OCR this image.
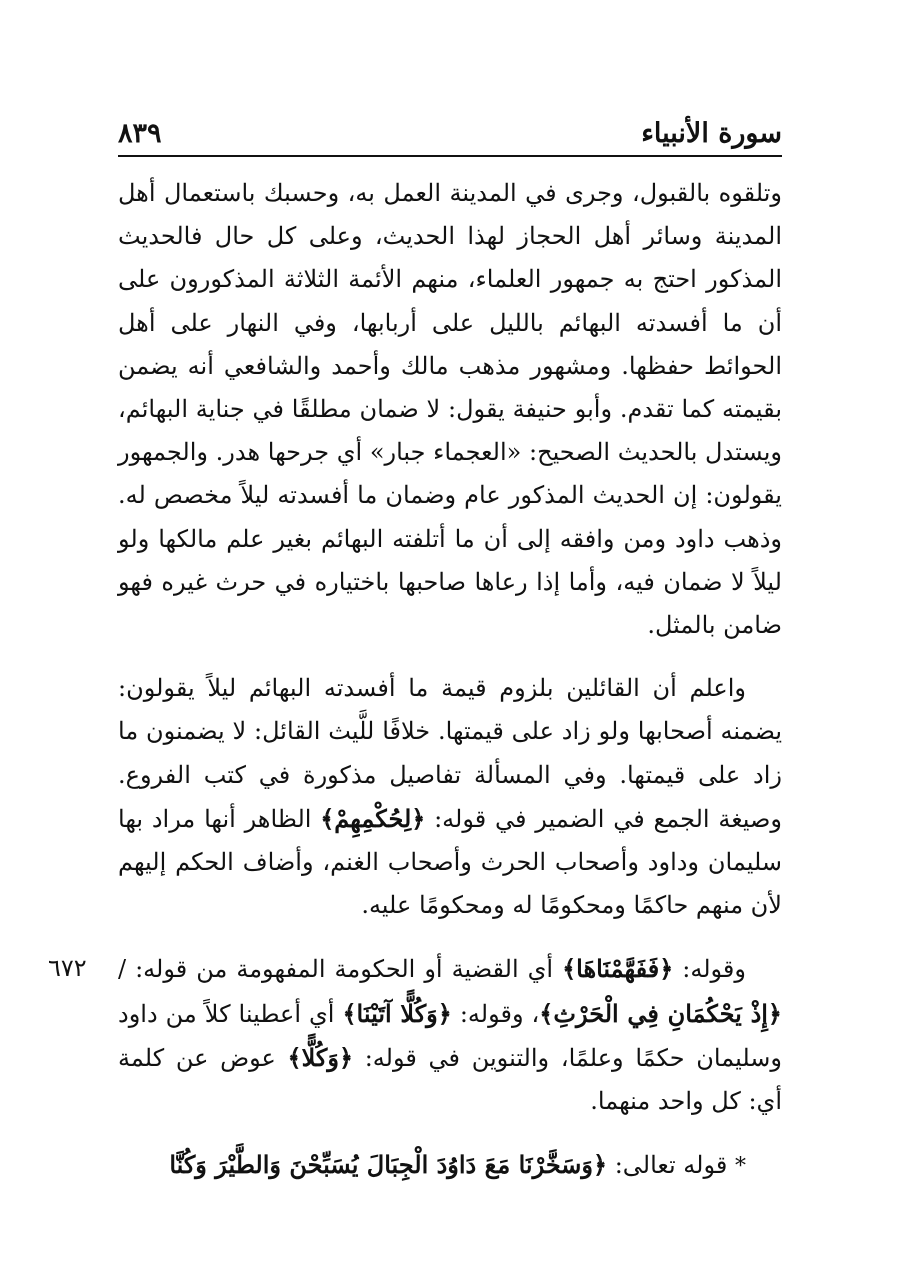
سورة الأنبياء
٨٣٩
٦٧٢

وتلقوه بالقبول، وجرى في المدينة العمل به، وحسبك باستعمال أهل المدينة وسائر أهل الحجاز لهذا الحديث، وعلى كل حال فالحديث المذكور احتج به جمهور العلماء، منهم الأئمة الثلاثة المذكورون على أن ما أفسدته البهائم بالليل على أربابها، وفي النهار على أهل الحوائط حفظها. ومشهور مذهب مالك وأحمد والشافعي أنه يضمن بقيمته كما تقدم. وأبو حنيفة يقول: لا ضمان مطلقًا في جناية البهائم، ويستدل بالحديث الصحيح: «العجماء جبار» أي جرحها هدر. والجمهور يقولون: إن الحديث المذكور عام وضمان ما أفسدته ليلاً مخصص له. وذهب داود ومن وافقه إلى أن ما أتلفته البهائم بغير علم مالكها ولو ليلاً لا ضمان فيه، وأما إذا رعاها صاحبها باختياره في حرث غيره فهو ضامن بالمثل.

واعلم أن القائلين بلزوم قيمة ما أفسدته البهائم ليلاً يقولون: يضمنه أصحابها ولو زاد على قيمتها. خلافًا للَّيث القائل: لا يضمنون ما زاد على قيمتها. وفي المسألة تفاصيل مذكورة في كتب الفروع. وصيغة الجمع في الضمير في قوله: ﴿لِحُكْمِهِمْ﴾ الظاهر أنها مراد بها سليمان وداود وأصحاب الحرث وأصحاب الغنم، وأضاف الحكم إليهم لأن منهم حاكمًا ومحكومًا له ومحكومًا عليه.

وقوله: ﴿فَفَهَّمْنَاهَا﴾ أي القضية أو الحكومة المفهومة من قوله: / ﴿إِذْ يَحْكُمَانِ فِي الْحَرْثِ﴾، وقوله: ﴿وَكُلًّا آتَيْنَا﴾ أي أعطينا كلاً من داود وسليمان حكمًا وعلمًا، والتنوين في قوله: ﴿وَكُلًّا﴾ عوض عن كلمة أي: كل واحد منهما.

* قوله تعالى: ﴿وَسَخَّرْنَا مَعَ دَاوُدَ الْجِبَالَ يُسَبِّحْنَ وَالطَّيْرَ وَكُنَّا
